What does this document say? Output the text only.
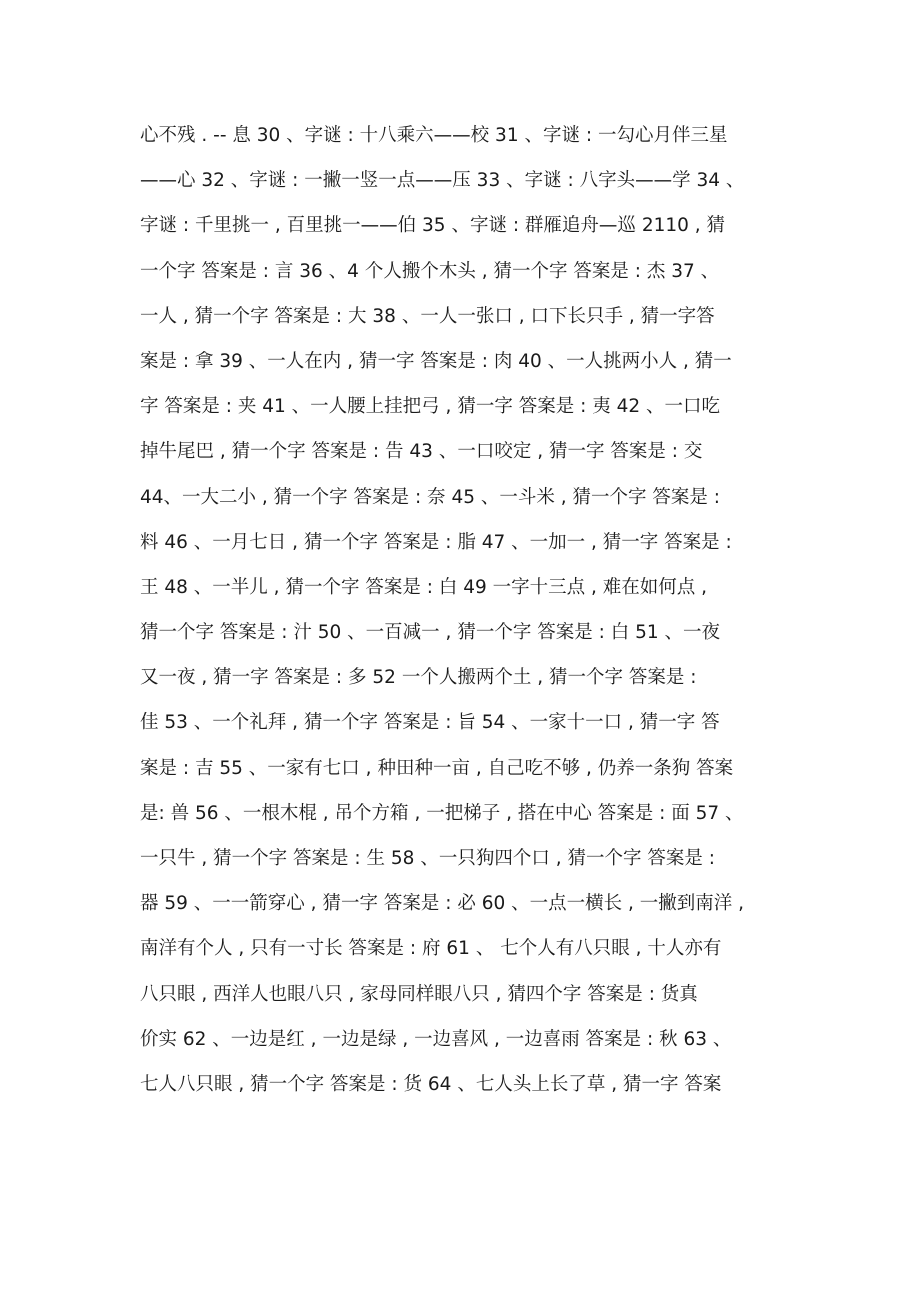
心不残 . -- 息 30 、字谜 : 十八乘六——校 31 、字谜 : 一勾心月伴三星
——心 32 、字谜 : 一撇一竖一点——压 33 、字谜 : 八字头——学 34 、
字谜 : 千里挑一 , 百里挑一——伯 35 、字谜 : 群雁追舟—巡 2110 , 猜
一个字 答案是 : 言 36 、4 个人搬个木头 , 猜一个字 答案是 : 杰 37 、
一人 , 猜一个字 答案是 : 大 38 、一人一张口 , 口下长只手 , 猜一字答
案是 : 拿 39 、一人在内 , 猜一字 答案是 : 肉 40 、一人挑两小人 , 猜一
字 答案是 : 夹 41 、一人腰上挂把弓 , 猜一字 答案是 : 夷 42 、一口吃
掉牛尾巴 , 猜一个字 答案是 : 告 43 、一口咬定 , 猜一字 答案是 : 交
44、一大二小 , 猜一个字 答案是 : 奈 45 、一斗米 , 猜一个字 答案是 :
料 46 、一月七日 , 猜一个字 答案是 : 脂 47 、一加一 , 猜一字 答案是 :
王 48 、一半儿 , 猜一个字 答案是 : 白 49 一字十三点 , 难在如何点 ,
猜一个字 答案是 : 汁 50 、一百减一 , 猜一个字 答案是 : 白 51 、一夜
又一夜 , 猜一字 答案是 : 多 52 一个人搬两个土 , 猜一个字 答案是 :
佳 53 、一个礼拜 , 猜一个字 答案是 : 旨 54 、一家十一口 , 猜一字 答
案是 : 吉 55 、一家有七口 , 种田种一亩 , 自己吃不够 , 仍养一条狗 答案
是: 兽 56 、一根木棍 , 吊个方箱 , 一把梯子 , 搭在中心 答案是 : 面 57 、
一只牛 , 猜一个字 答案是 : 生 58 、一只狗四个口 , 猜一个字 答案是 :
器 59 、一一箭穿心 , 猜一字 答案是 : 必 60 、一点一横长 , 一撇到南洋 ,
南洋有个人 , 只有一寸长 答案是 : 府 61 、 七个人有八只眼 , 十人亦有
八只眼 , 西洋人也眼八只 , 家母同样眼八只 , 猜四个字 答案是 : 货真
价实 62 、一边是红 , 一边是绿 , 一边喜风 , 一边喜雨 答案是 : 秋 63 、
七人八只眼 , 猜一个字 答案是 : 货 64 、七人头上长了草 , 猜一字 答案
